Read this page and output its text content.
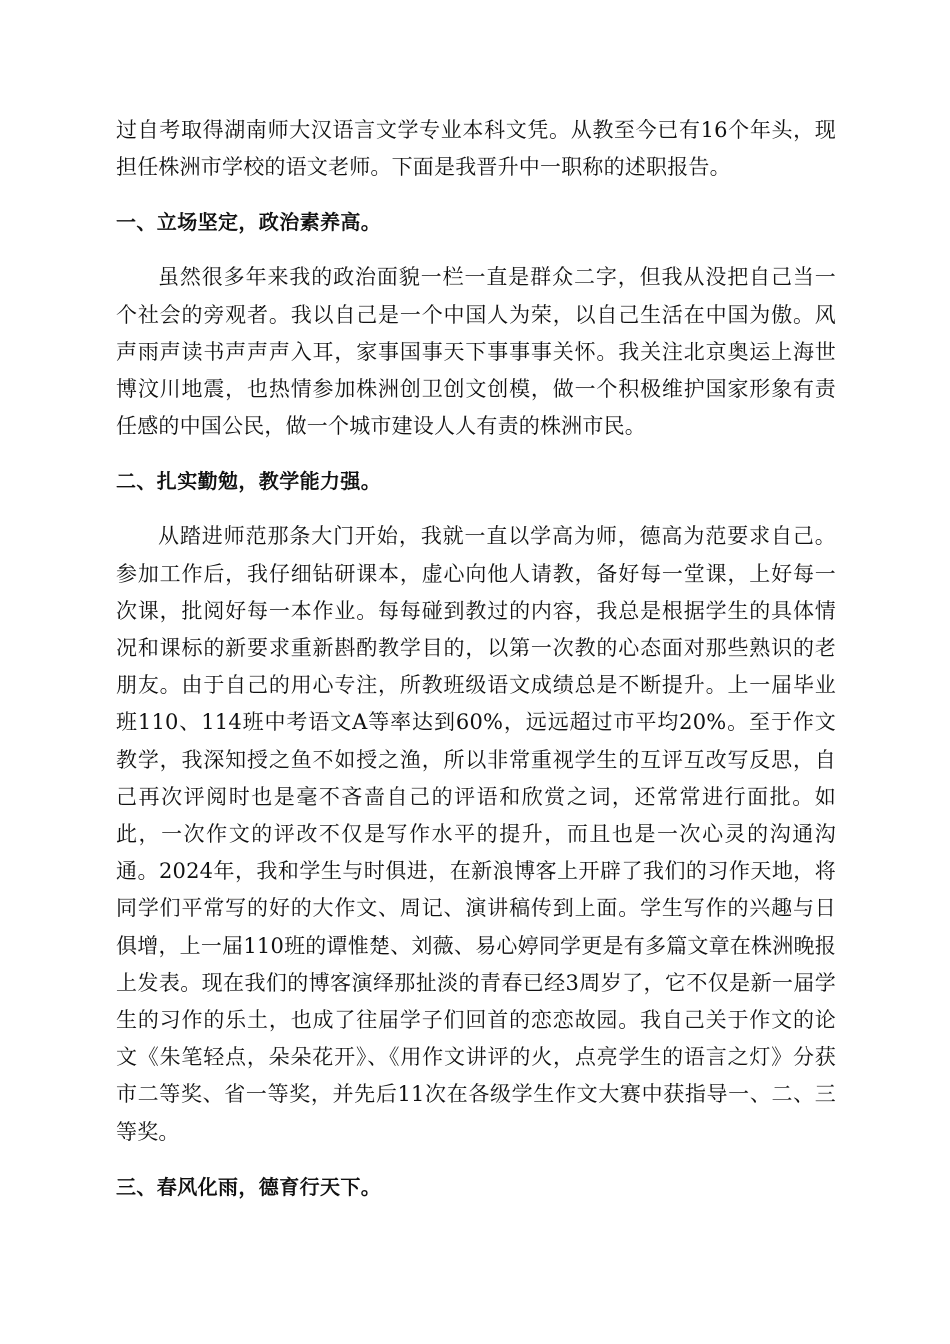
过自考取得湖南师大汉语言文学专业本科文凭。从教至今已有16个年头，现担任株洲市学校的语文老师。下面是我晋升中一职称的述职报告。

一、立场坚定，政治素养高。

虽然很多年来我的政治面貌一栏一直是群众二字，但我从没把自己当一个社会的旁观者。我以自己是一个中国人为荣，以自己生活在中国为傲。风声雨声读书声声声入耳，家事国事天下事事事关怀。我关注北京奥运上海世博汶川地震，也热情参加株洲创卫创文创模，做一个积极维护国家形象有责任感的中国公民，做一个城市建设人人有责的株洲市民。

二、扎实勤勉，教学能力强。

从踏进师范那条大门开始，我就一直以学高为师，德高为范要求自己。参加工作后，我仔细钻研课本，虚心向他人请教，备好每一堂课，上好每一次课，批阅好每一本作业。每每碰到教过的内容，我总是根据学生的具体情况和课标的新要求重新斟酌教学目的，以第一次教的心态面对那些熟识的老朋友。由于自己的用心专注，所教班级语文成绩总是不断提升。上一届毕业班110、114班中考语文A等率达到60%，远远超过市平均20%。至于作文教学，我深知授之鱼不如授之渔，所以非常重视学生的互评互改写反思，自己再次评阅时也是毫不吝啬自己的评语和欣赏之词，还常常进行面批。如此，一次作文的评改不仅是写作水平的提升，而且也是一次心灵的沟通沟通。2024年，我和学生与时俱进，在新浪博客上开辟了我们的习作天地，将同学们平常写的好的大作文、周记、演讲稿传到上面。学生写作的兴趣与日俱增，上一届110班的谭惟楚、刘薇、易心婷同学更是有多篇文章在株洲晚报上发表。现在我们的博客演绎那扯淡的青春已经3周岁了，它不仅是新一届学生的习作的乐土，也成了往届学子们回首的恋恋故园。我自己关于作文的论文《朱笔轻点，朵朵花开》、《用作文讲评的火，点亮学生的语言之灯》分获市二等奖、省一等奖，并先后11次在各级学生作文大赛中获指导一、二、三等奖。

三、春风化雨，德育行天下。
